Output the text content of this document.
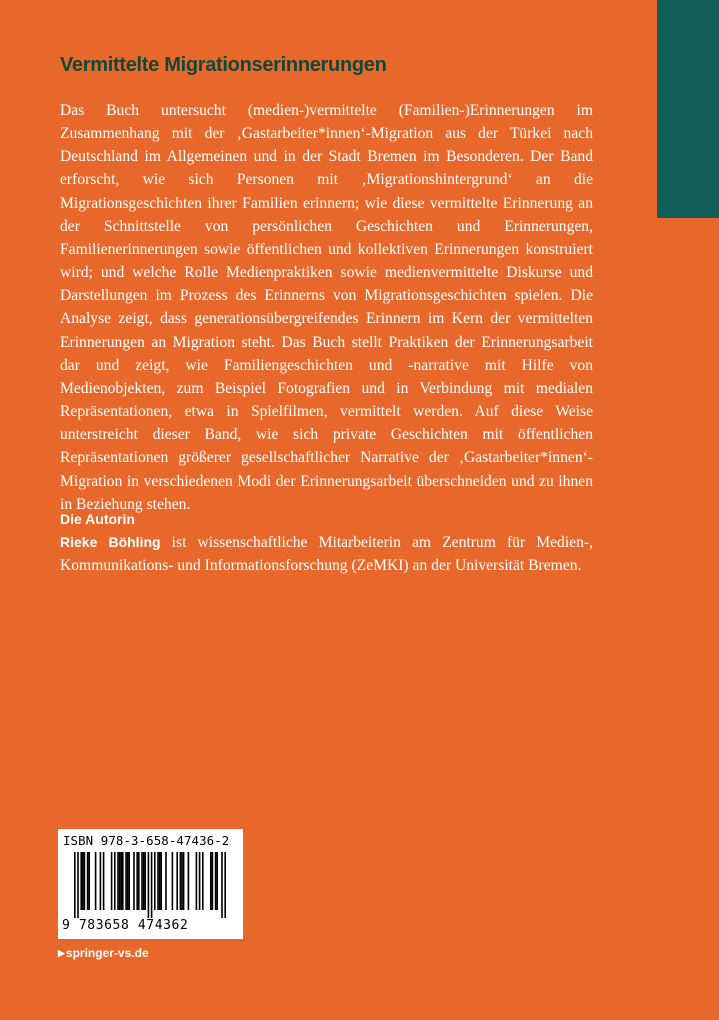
Vermittelte Migrationserinnerungen

Das Buch untersucht (medien-)vermittelte (Familien-)Erinnerungen im Zusammenhang mit der ‚Gastarbeiter*innen‘-Migration aus der Türkei nach Deutschland im Allgemeinen und in der Stadt Bremen im Besonderen. Der Band erforscht, wie sich Personen mit ‚Migrationshintergrund‘ an die Migrationsgeschichten ihrer Familien erinnern; wie diese vermittelte Erinnerung an der Schnittstelle von persönlichen Geschichten und Erinnerungen, Familienerinnerungen sowie öffentlichen und kollektiven Erinnerungen konstruiert wird; und welche Rolle Medienpraktiken sowie medienvermittelte Diskurse und Darstellungen im Prozess des Erinnerns von Migrationsgeschichten spielen. Die Analyse zeigt, dass generationsübergreifendes Erinnern im Kern der vermittelten Erinnerungen an Migration steht. Das Buch stellt Praktiken der Erinnerungsarbeit dar und zeigt, wie Familiengeschichten und -narrative mit Hilfe von Medienobjekten, zum Beispiel Fotografien und in Verbindung mit medialen Repräsentationen, etwa in Spielfilmen, vermittelt werden. Auf diese Weise unterstreicht dieser Band, wie sich private Geschichten mit öffentlichen Repräsentationen größerer gesellschaftlicher Narrative der ‚Gastarbeiter*innen‘-Migration in verschiedenen Modi der Erinnerungsarbeit überschneiden und zu ihnen in Beziehung stehen.

Die Autorin

Rieke Böhling ist wissenschaftliche Mitarbeiterin am Zentrum für Medien-, Kommunikations- und Informationsforschung (ZeMKI) an der Universität Bremen.

ISBN 978-3-658-47436-2
9 783658 474362
▶springer-vs.de
